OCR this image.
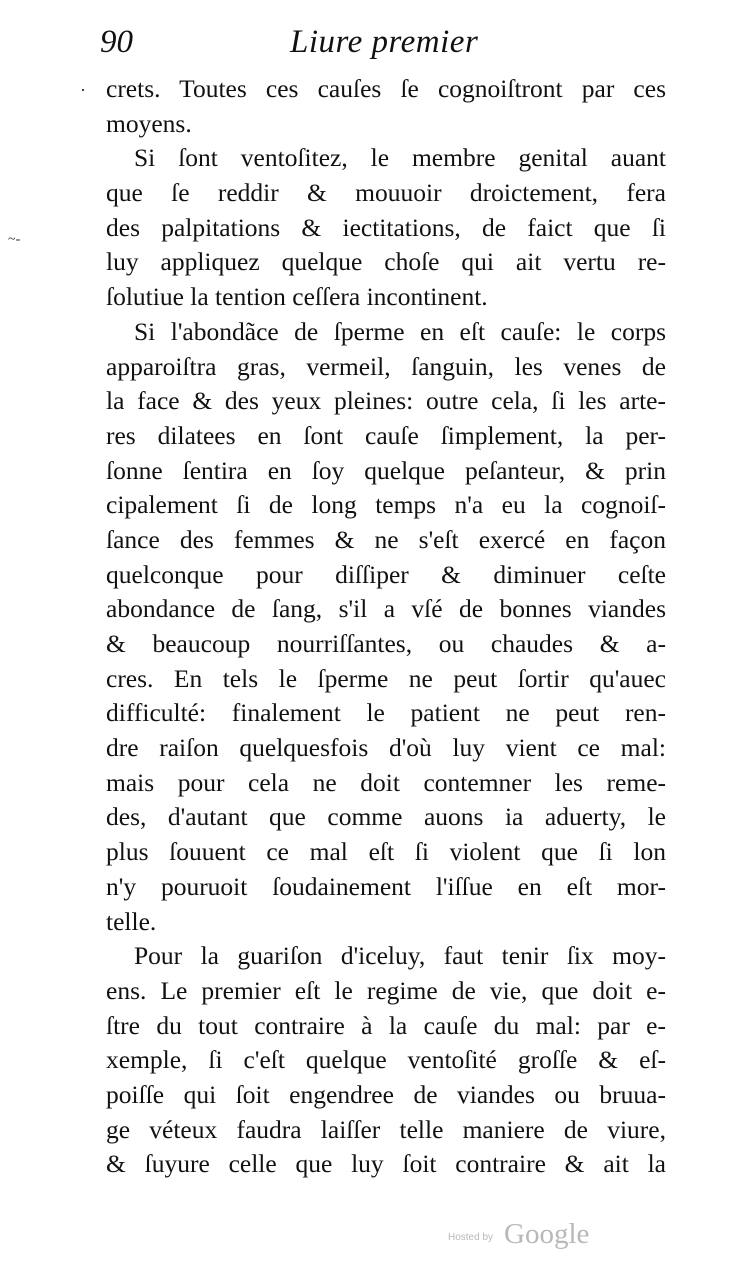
90	Liure premier
·
~-
crets. Toutes ces cauſes ſe cognoiſtront par ces
moyens.
Si ſont ventoſitez, le membre genital auant
que ſe reddir & mouuoir droictement, fera
des palpitations & iectitations, de faict que ſi
luy appliquez quelque choſe qui ait vertu re-
ſolutiue la tention ceſſera incontinent.
Si l'abondãce de ſperme en eſt cauſe: le corps
apparoiſtra gras, vermeil, ſanguin, les venes de
la face & des yeux pleines: outre cela, ſi les arte-
res dilatees en ſont cauſe ſimplement, la per-
ſonne ſentira en ſoy quelque peſanteur, & prin
cipalement ſi de long temps n'a eu la cognoiſ-
ſance des femmes & ne s'eſt exercé en façon
quelconque pour diſſiper & diminuer ceſte
abondance de ſang, s'il a vſé de bonnes viandes
& beaucoup nourriſſantes, ou chaudes & a-
cres. En tels le ſperme ne peut ſortir qu'auec
difficulté: finalement le patient ne peut ren-
dre raiſon quelquesfois d'où luy vient ce mal:
mais pour cela ne doit contemner les reme-
des, d'autant que comme auons ia aduerty, le
plus ſouuent ce mal eſt ſi violent que ſi lon
n'y pouruoit ſoudainement l'iſſue en eſt mor-
telle.
Pour la guariſon d'iceluy, faut tenir ſix moy-
ens. Le premier eſt le regime de vie, que doit e-
ſtre du tout contraire à la cauſe du mal: par e-
xemple, ſi c'eſt quelque ventoſité groſſe & eſ-
poiſſe qui ſoit engendree de viandes ou bruua-
ge véteux faudra laiſſer telle maniere de viure,
& ſuyure celle que luy ſoit contraire & ait la
Hosted by Google
